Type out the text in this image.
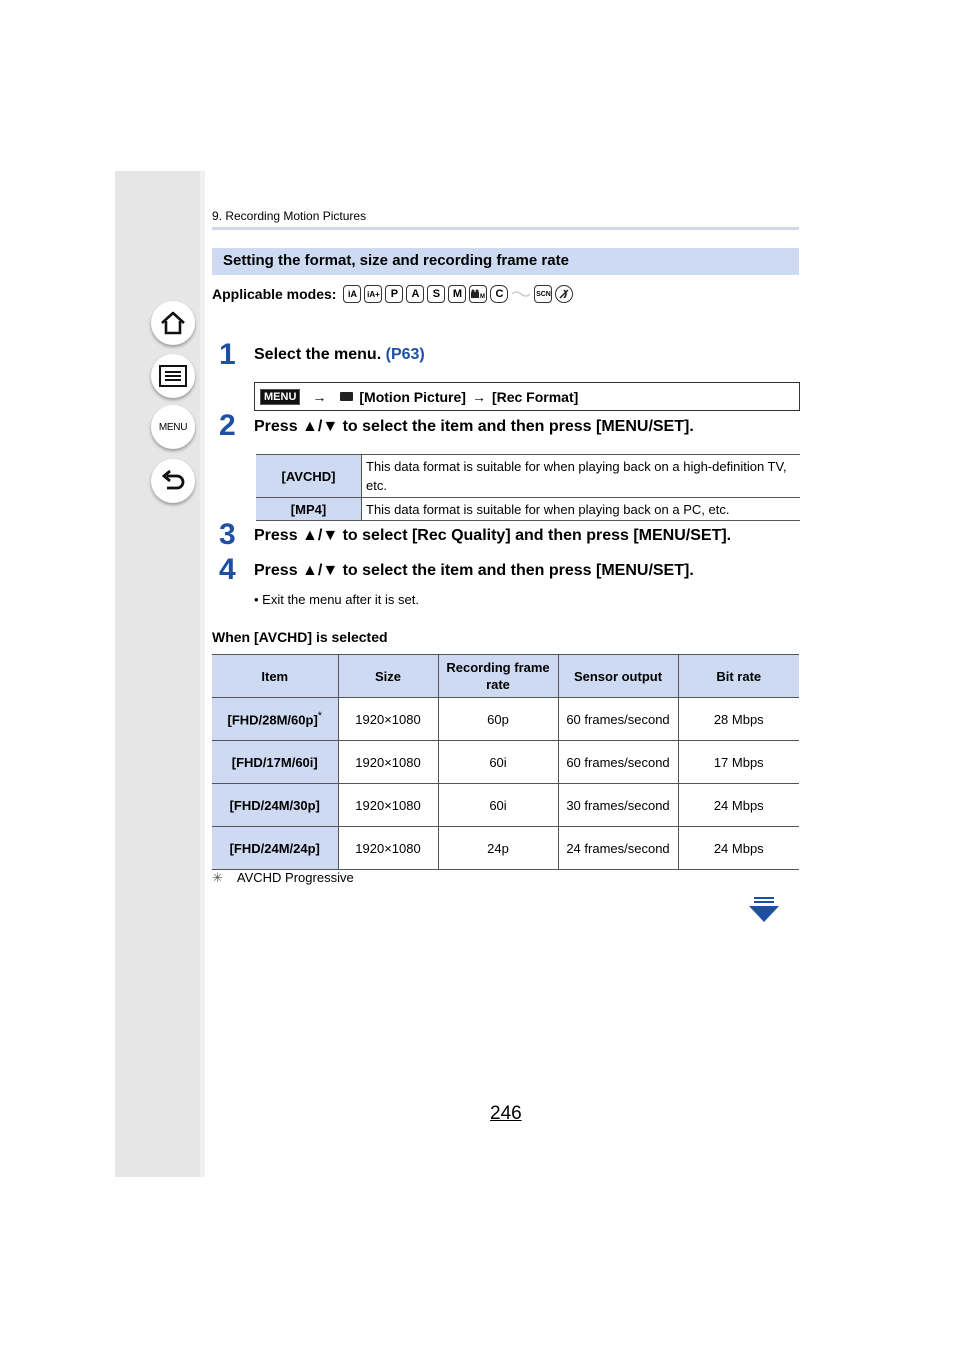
MENU
9. Recording Motion Pictures
Setting the format, size and recording frame rate
Applicable modes:	iA	iA+	P	A	S	M	M C	SCN
1 Select the menu. (P63)
MENU → [Motion Picture] → [Rec Format]
2 Press ▲/▼ to select the item and then press [MENU/SET].
[AVCHD]	This data format is suitable for when playing back on a high-definition TV, etc.
[MP4]	This data format is suitable for when playing back on a PC, etc.
3 Press ▲/▼ to select [Rec Quality] and then press [MENU/SET].
4 Press ▲/▼ to select the item and then press [MENU/SET].
• Exit the menu after it is set.
When [AVCHD] is selected
Item	Size	Recording frame rate	Sensor output	Bit rate
[FHD/28M/60p]*	1920×1080	60p	60 frames/second	28 Mbps
[FHD/17M/60i]	1920×1080	60i	60 frames/second	17 Mbps
[FHD/24M/30p]	1920×1080	60i	30 frames/second	24 Mbps
[FHD/24M/24p]	1920×1080	24p	24 frames/second	24 Mbps
✳ AVCHD Progressive
246
